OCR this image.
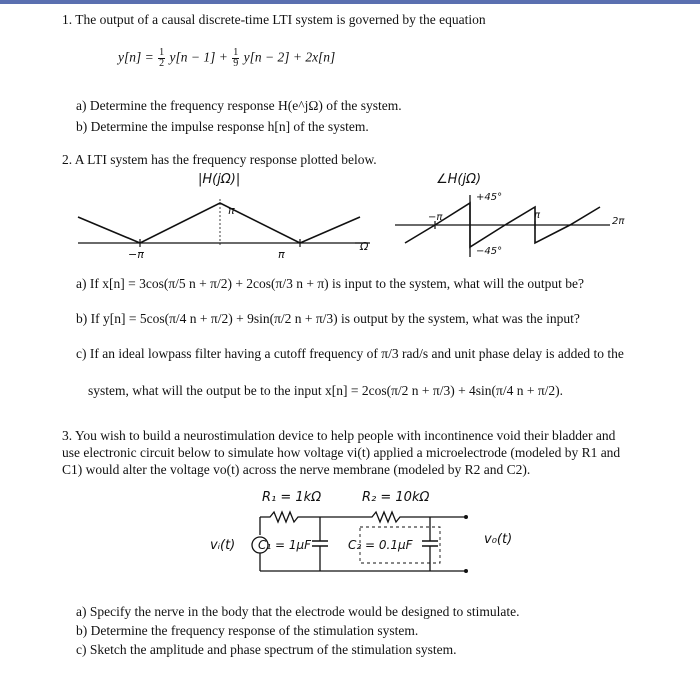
1. The output of a causal discrete-time LTI system is governed by the equation
$y[n] = \frac{1}{2} y[n - 1] + \frac{1}{9} y[n - 2] + 2x[n]$
a) Determine the frequency response H(e^jΩ) of the system.
b) Determine the impulse response h[n] of the system.
2. A LTI system has the frequency response plotted below.
|H(jΩ)|
π
−π	π
Ω
∠H(jΩ)
+45°
−45°
−π	π
2π
a) If x[n] = 3cos(π/5 n + π/2) + 2cos(π/3 n + π) is input to the system, what will the output be?
b) If y[n] = 5cos(π/4 n + π/2) + 9sin(π/2 n + π/3) is output by the system, what was the input?
c) If an ideal lowpass filter having a cutoff frequency of π/3 rad/s and unit phase delay is added to the
system, what will the output be to the input x[n] = 2cos(π/2 n + π/3) + 4sin(π/4 n + π/2).
3. You wish to build a neurostimulation device to help people with incontinence void their bladder and
use electronic circuit below to simulate how voltage vi(t) applied a microelectrode (modeled by R1 and
C1) would alter the voltage vo(t) across the nerve membrane (modeled by R2 and C2).
R₁ = 1kΩ	R₂ = 10kΩ
vᵢ(t) C₁ = 1μF	C₂ = 0.1μF	v₀(t)
a) Specify the nerve in the body that the electrode would be designed to stimulate.
b) Determine the frequency response of the stimulation system.
c) Sketch the amplitude and phase spectrum of the stimulation system.
